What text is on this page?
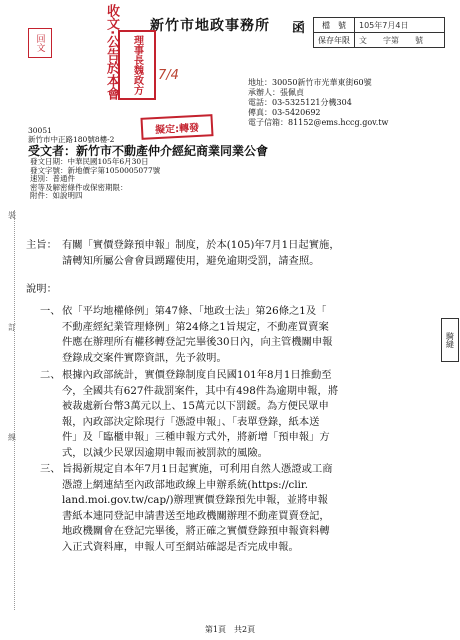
檔　號	105年7月4日
保存年限	文　　字第　　號
新竹市地政事務所 函
回文	收文·公告於本會	理事長魏政方	7/4
擬定:轉發
地址：30050新竹市光華東街60號
承辦人：張佩貞
電話：03-5325121分機304
傳真：03-5420692
電子信箱：81152@ems.hccg.gov.tw
30051
新竹市中正路180號8樓-2
受文者：新竹市不動產仲介經紀商業同業公會
發文日期：中華民國105年6月30日
發文字號：新地價字第1050005077號
速別：普通件
密等及解密條件或保密期限：
附件：如說明四
裝
訂
線
主旨： 有關「實價登錄預申報」制度，於本(105)年7月1日起實施，
請轉知所屬公會會員踴躍使用，避免逾期受罰，請查照。
說明：
一、 依「平均地權條例」第47條、「地政士法」第26條之1及「
不動產經紀業管理條例」第24條之1旨規定，不動產買賣案
件應在辦理所有權移轉登記完畢後30日內，向主管機關申報
登錄成交案件實際資訊，先予敘明。
二、 根據內政部統計，實價登錄制度自民國101年8月1日推動至
今，全國共有627件裁罰案件，其中有498件為逾期申報，將
被裁處新台幣3萬元以上、15萬元以下罰鍰。為方便民眾申
報，內政部決定除現行「憑證申報」、「表單登錄，紙本送
件」及「臨櫃申報」三種申報方式外，將新增「預申報」方
式，以減少民眾因逾期申報而被罰款的風險。
三、 旨揭新規定自本年7月1日起實施，可利用自然人憑證或工商
憑證上網連結至內政部地政線上申辦系統(https://clir.
land.moi.gov.tw/cap/)辦理實價登錄預先申報，並將申報
書紙本連同登記申請書送至地政機關辦理不動產買賣登記，
地政機關會在登記完畢後，將正確之實價登錄預申報資料轉
入正式資料庫，申報人可至網站確認是否完成申報。
騎縫
第1頁　共2頁
